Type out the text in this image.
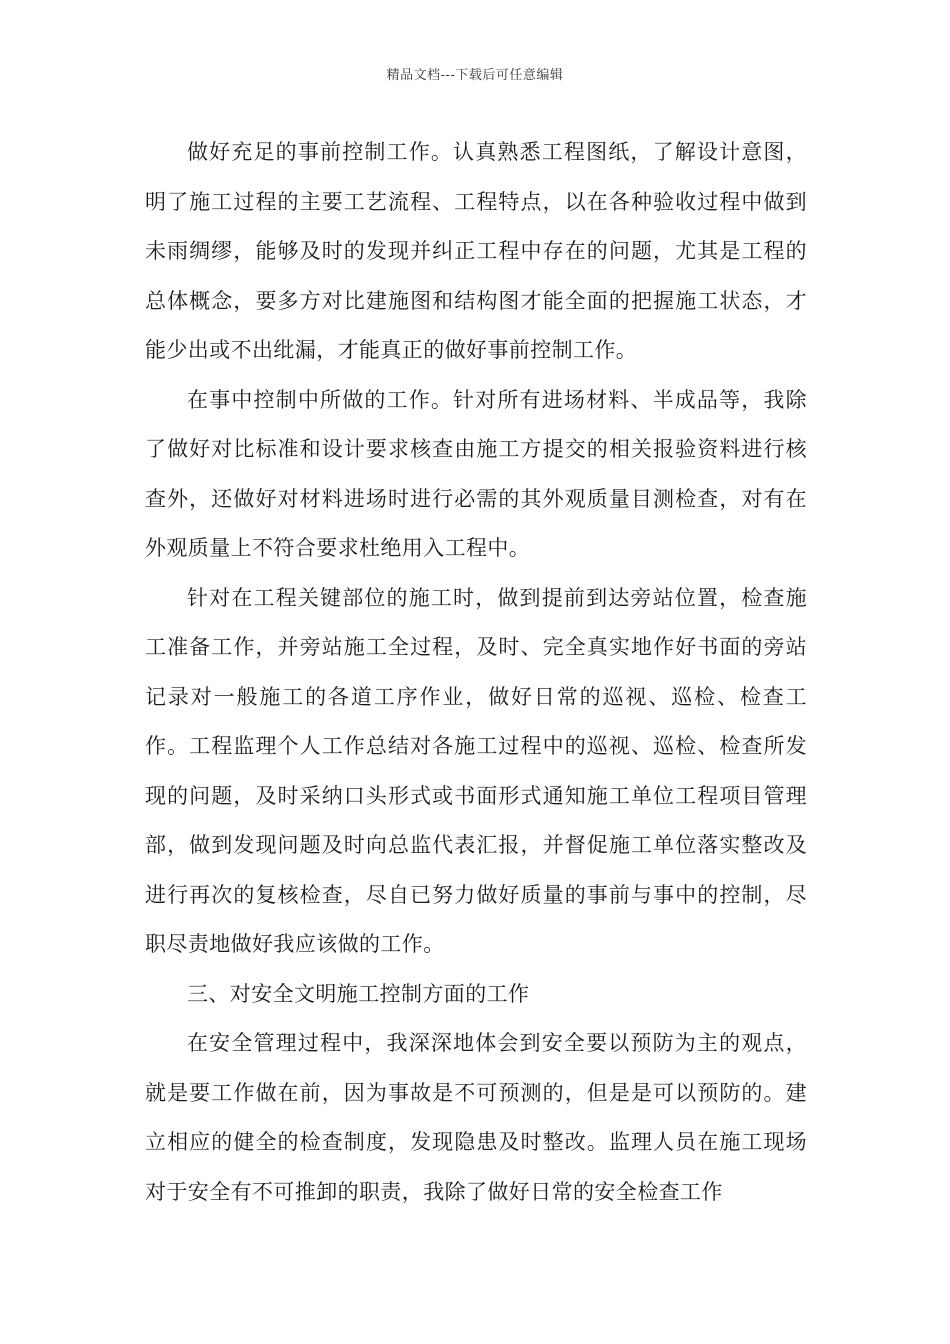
精品文档---下载后可任意编辑

做好充足的事前控制工作。认真熟悉工程图纸，了解设计意图，明了施工过程的主要工艺流程、工程特点，以在各种验收过程中做到未雨绸缪，能够及时的发现并纠正工程中存在的问题，尤其是工程的总体概念，要多方对比建施图和结构图才能全面的把握施工状态，才能少出或不出纰漏，才能真正的做好事前控制工作。

在事中控制中所做的工作。针对所有进场材料、半成品等，我除了做好对比标准和设计要求核查由施工方提交的相关报验资料进行核查外，还做好对材料进场时进行必需的其外观质量目测检查，对有在外观质量上不符合要求杜绝用入工程中。

针对在工程关键部位的施工时，做到提前到达旁站位置，检查施工准备工作，并旁站施工全过程，及时、完全真实地作好书面的旁站记录对一般施工的各道工序作业，做好日常的巡视、巡检、检查工作。工程监理个人工作总结对各施工过程中的巡视、巡检、检查所发现的问题，及时采纳口头形式或书面形式通知施工单位工程项目管理部，做到发现问题及时向总监代表汇报，并督促施工单位落实整改及进行再次的复核检查，尽自已努力做好质量的事前与事中的控制，尽职尽责地做好我应该做的工作。

三、对安全文明施工控制方面的工作

在安全管理过程中，我深深地体会到安全要以预防为主的观点，就是要工作做在前，因为事故是不可预测的，但是是可以预防的。建立相应的健全的检查制度，发现隐患及时整改。监理人员在施工现场对于安全有不可推卸的职责，我除了做好日常的安全检查工作
